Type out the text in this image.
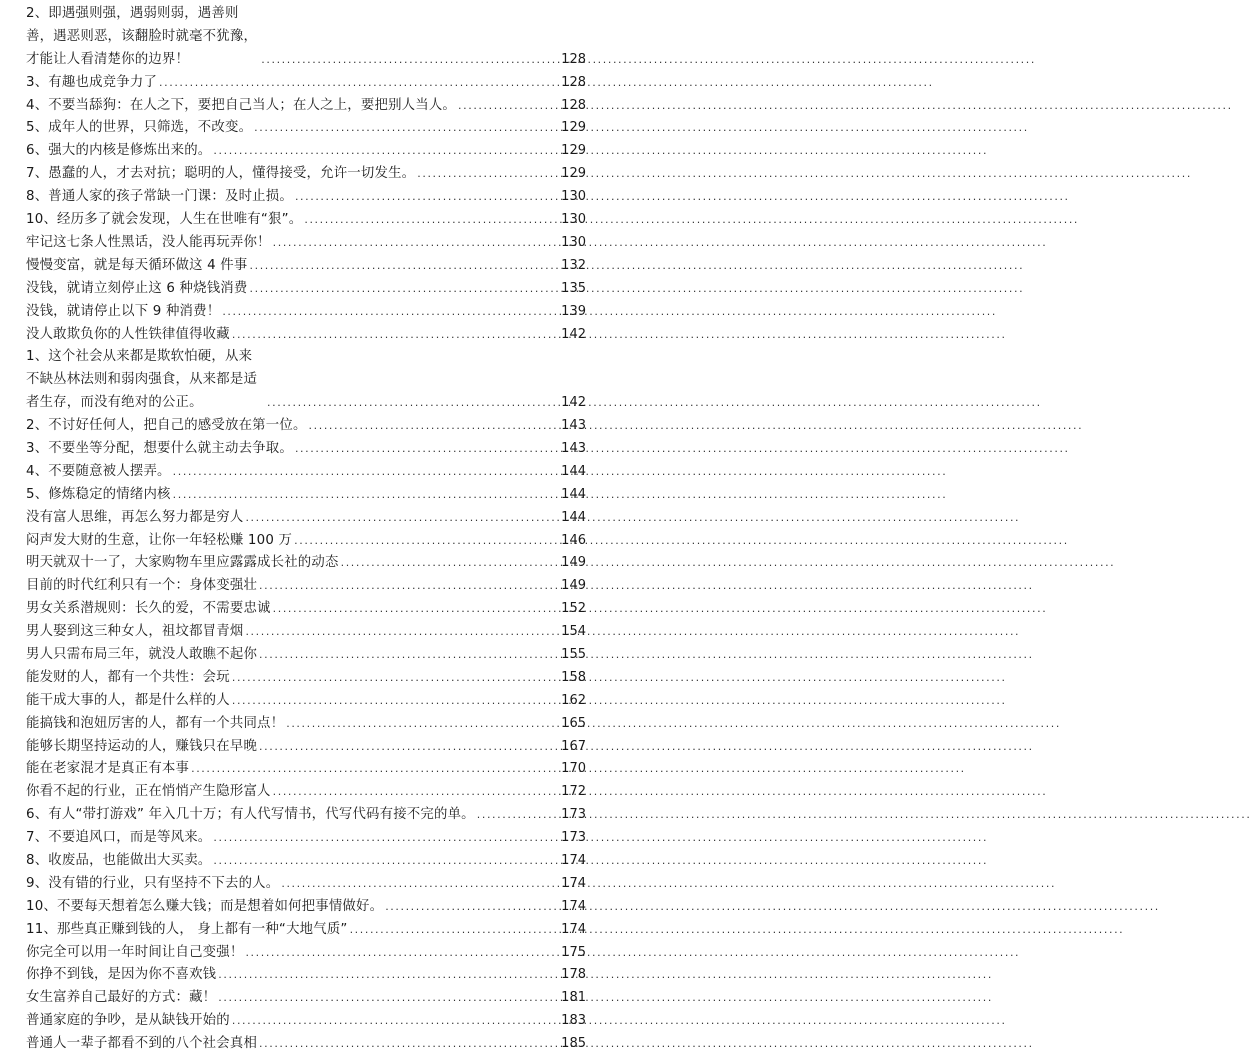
2、即遇强则强，遇弱则弱，遇善则善，遇恶则恶，该翻脸时就毫不犹豫，才能让人看清楚你的边界！ .....	128
3、有趣也成竞争力了 .....	128
4、不要当舔狗：在人之下，要把自己当人；在人之上，要把别人当人。 .....	128
5、成年人的世界，只筛选，不改变。 .....	129
6、强大的内核是修炼出来的。 .....	129
7、愚蠢的人，才去对抗；聪明的人，懂得接受，允许一切发生。 .....	129
8、普通人家的孩子常缺一门课：及时止损。 .....	130
10、经历多了就会发现，人生在世唯有“狠”。 .....	130
牢记这七条人性黑话，没人能再玩弄你！ .....	130
慢慢变富，就是每天循环做这 4 件事 .....	132
没钱，就请立刻停止这 6 种烧钱消费 .....	135
没钱，就请停止以下 9 种消费！ .....	139
没人敢欺负你的人性铁律值得收藏 .....	142
1、这个社会从来都是欺软怕硬，从来不缺丛林法则和弱肉强食，从来都是适者生存，而没有绝对的公正。 .....	142
2、不讨好任何人，把自己的感受放在第一位。 .....	143
3、不要坐等分配，想要什么就主动去争取。 .....	143
4、不要随意被人摆弄。 .....	144
5、修炼稳定的情绪内核 .....	144
没有富人思维，再怎么努力都是穷人 .....	144
闷声发大财的生意，让你一年轻松赚 100 万 .....	146
明天就双十一了，大家购物车里应露露成长社的动态 .....	149
目前的时代红利只有一个：身体变强壮 .....	149
男女关系潜规则：长久的爱，不需要忠诚 .....	152
男人娶到这三种女人，祖坟都冒青烟 .....	154
男人只需布局三年，就没人敢瞧不起你 .....	155
能发财的人，都有一个共性：会玩 .....	158
能干成大事的人，都是什么样的人 .....	162
能搞钱和泡妞厉害的人，都有一个共同点！ .....	165
能够长期坚持运动的人，赚钱只在早晚 .....	167
能在老家混才是真正有本事 .....	170
你看不起的行业，正在悄悄产生隐形富人 .....	172
6、有人“带打游戏” 年入几十万；有人代写情书，代写代码有接不完的单。 .....	173
7、不要追风口，而是等风来。 .....	173
8、收废品，也能做出大买卖。 .....	174
9、没有错的行业，只有坚持不下去的人。 .....	174
10、不要每天想着怎么赚大钱；而是想着如何把事情做好。 .....	174
11、那些真正赚到钱的人， 身上都有一种“大地气质” .....	174
你完全可以用一年时间让自己变强！ .....	175
你挣不到钱，是因为你不喜欢钱 .....	178
女生富养自己最好的方式：藏！ .....	181
普通家庭的争吵，是从缺钱开始的 .....	183
普通人一辈子都看不到的八个社会真相 .....	185
